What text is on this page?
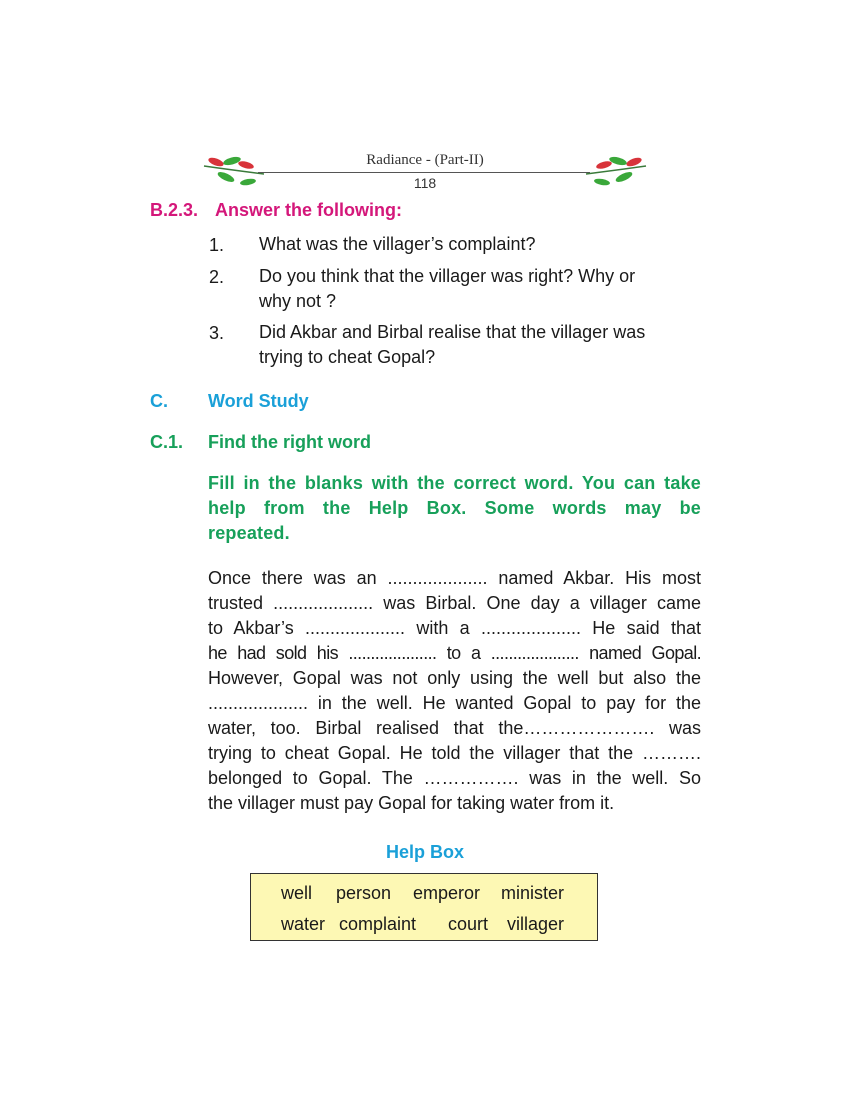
Radiance - (Part-II)
118
B.2.3. Answer the following:
1. What was the villager’s complaint?
2. Do you think that the villager was right? Why or
why not ?
3. Did Akbar and Birbal realise that the villager was
trying to cheat Gopal?
C. Word Study
C.1. Find the right word
Fill in the blanks with the correct word. You can take
help from the Help Box. Some words may be
repeated.
Once there was an .................... named Akbar. His most
trusted .................... was Birbal. One day a villager came
to Akbar’s .................... with a .................... He said that
he had sold his .................... to a .................... named Gopal.
However, Gopal was not only using the well but also the
.................... in the well. He wanted Gopal to pay for the
water, too. Birbal realised that the…………………. was
trying to cheat Gopal. He told the villager that the ……….
belonged to Gopal. The ……………. was in the well. So
the villager must pay Gopal for taking water from it.
Help Box
well person emperor minister
water complaint court villager
